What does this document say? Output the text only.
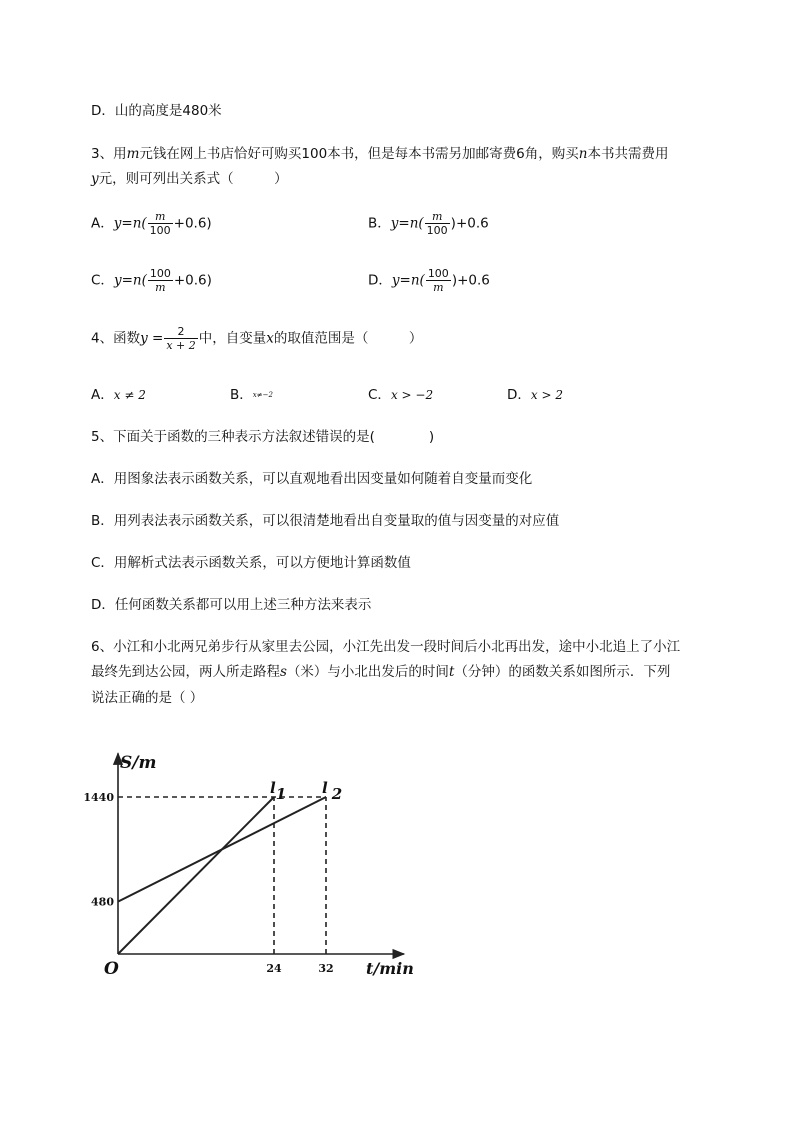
D．山的高度是480米
3、用m元钱在网上书店恰好可购买100本书，但是每本书需另加邮寄费6角，购买n本书共需费用
y元，则可列出关系式（　　　）
A．$y=n( \frac{m}{100} +0.6)$	B．$y=n( \frac{m}{100} )+0.6$
C．$y=n( \frac{100}{m} +0.6)$	D．$y=n( \frac{100}{m} )+0.6$
4、函数$y = \frac{2}{x + 2}$ 中，自变量x的取值范围是（　　　）
A．x ≠ 2	B．x≠−2	C．x > −2	D．x > 2
5、下面关于函数的三种表示方法叙述错误的是(　　　　)
A．用图象法表示函数关系，可以直观地看出因变量如何随着自变量而变化
B．用列表法表示函数关系，可以很清楚地看出自变量取的值与因变量的对应值
C．用解析式法表示函数关系，可以方便地计算函数值
D．任何函数关系都可以用上述三种方法来表示
6、小江和小北两兄弟步行从家里去公园，小江先出发一段时间后小北再出发，途中小北追上了小江
最终先到达公园，两人所走路程s（米）与小北出发后的时间t（分钟）的函数关系如图所示．下列
说法正确的是（ ）
l1 l 2
480
1440
24	32
S/m
t/min
O
